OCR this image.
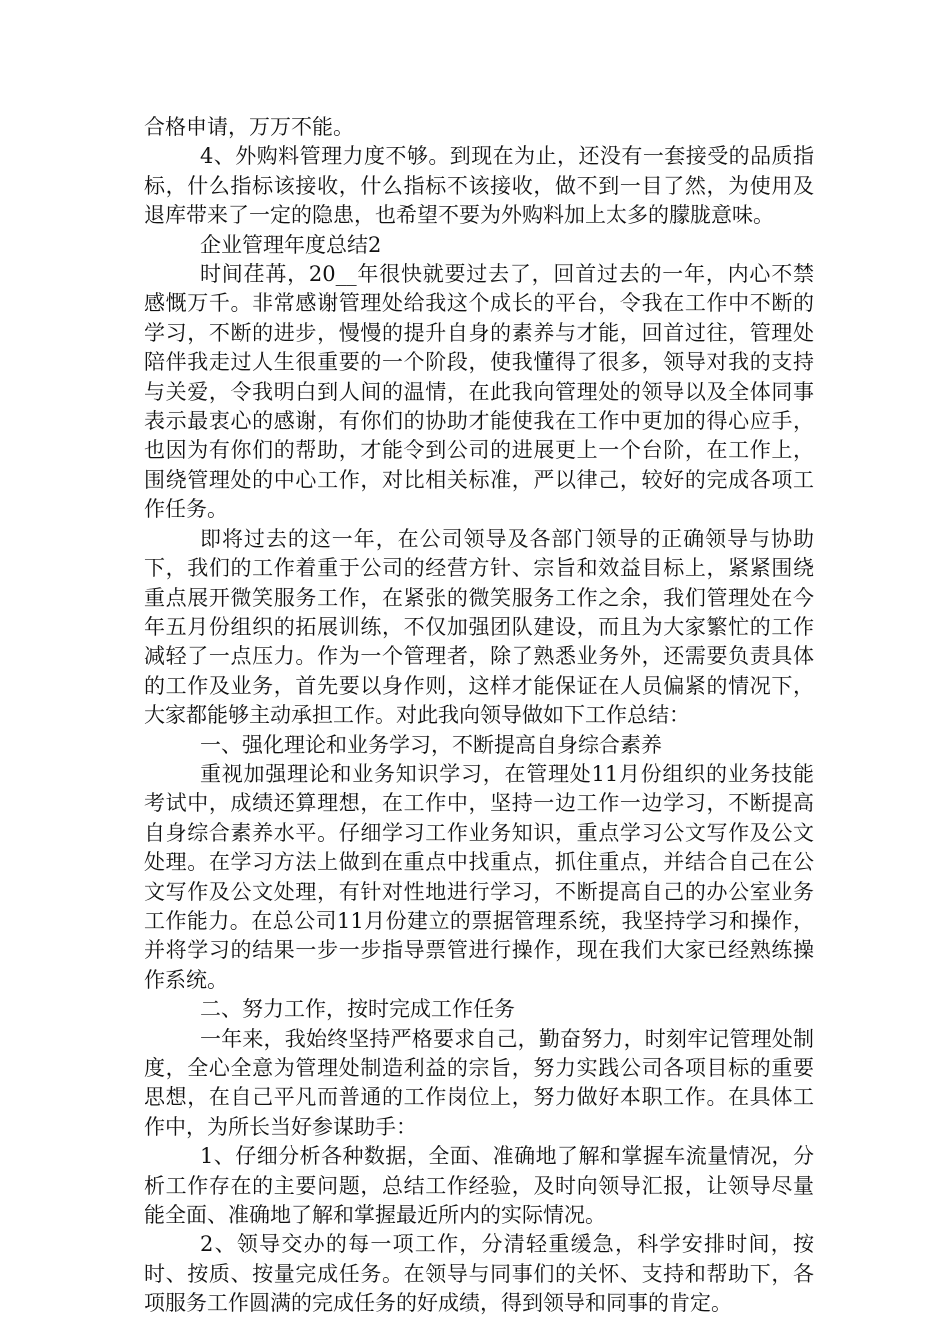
合格申请，万万不能。

4、外购料管理力度不够。到现在为止，还没有一套接受的品质指标，什么指标该接收，什么指标不该接收，做不到一目了然，为使用及退库带来了一定的隐患，也希望不要为外购料加上太多的朦胧意味。

企业管理年度总结2

时间荏苒，20__年很快就要过去了，回首过去的一年，内心不禁感慨万千。非常感谢管理处给我这个成长的平台，令我在工作中不断的学习，不断的进步，慢慢的提升自身的素养与才能，回首过往，管理处陪伴我走过人生很重要的一个阶段，使我懂得了很多，领导对我的支持与关爱，令我明白到人间的温情，在此我向管理处的领导以及全体同事表示最衷心的感谢，有你们的协助才能使我在工作中更加的得心应手，也因为有你们的帮助，才能令到公司的进展更上一个台阶，在工作上，围绕管理处的中心工作，对比相关标准，严以律己，较好的完成各项工作任务。

即将过去的这一年，在公司领导及各部门领导的正确领导与协助下，我们的工作着重于公司的经营方针、宗旨和效益目标上，紧紧围绕重点展开微笑服务工作，在紧张的微笑服务工作之余，我们管理处在今年五月份组织的拓展训练，不仅加强团队建设，而且为大家繁忙的工作减轻了一点压力。作为一个管理者，除了熟悉业务外，还需要负责具体的工作及业务，首先要以身作则，这样才能保证在人员偏紧的情况下，大家都能够主动承担工作。对此我向领导做如下工作总结：

一、强化理论和业务学习，不断提高自身综合素养

重视加强理论和业务知识学习，在管理处11月份组织的业务技能考试中，成绩还算理想，在工作中，坚持一边工作一边学习，不断提高自身综合素养水平。仔细学习工作业务知识，重点学习公文写作及公文处理。在学习方法上做到在重点中找重点，抓住重点，并结合自己在公文写作及公文处理，有针对性地进行学习，不断提高自己的办公室业务工作能力。在总公司11月份建立的票据管理系统，我坚持学习和操作，并将学习的结果一步一步指导票管进行操作，现在我们大家已经熟练操作系统。

二、努力工作，按时完成工作任务

一年来，我始终坚持严格要求自己，勤奋努力，时刻牢记管理处制度，全心全意为管理处制造利益的宗旨，努力实践公司各项目标的重要思想，在自己平凡而普通的工作岗位上，努力做好本职工作。在具体工作中，为所长当好参谋助手：

1、仔细分析各种数据，全面、准确地了解和掌握车流量情况，分析工作存在的主要问题，总结工作经验，及时向领导汇报，让领导尽量能全面、准确地了解和掌握最近所内的实际情况。

2、领导交办的每一项工作，分清轻重缓急，科学安排时间，按时、按质、按量完成任务。在领导与同事们的关怀、支持和帮助下，各项服务工作圆满的完成任务的好成绩，得到领导和同事的肯定。
